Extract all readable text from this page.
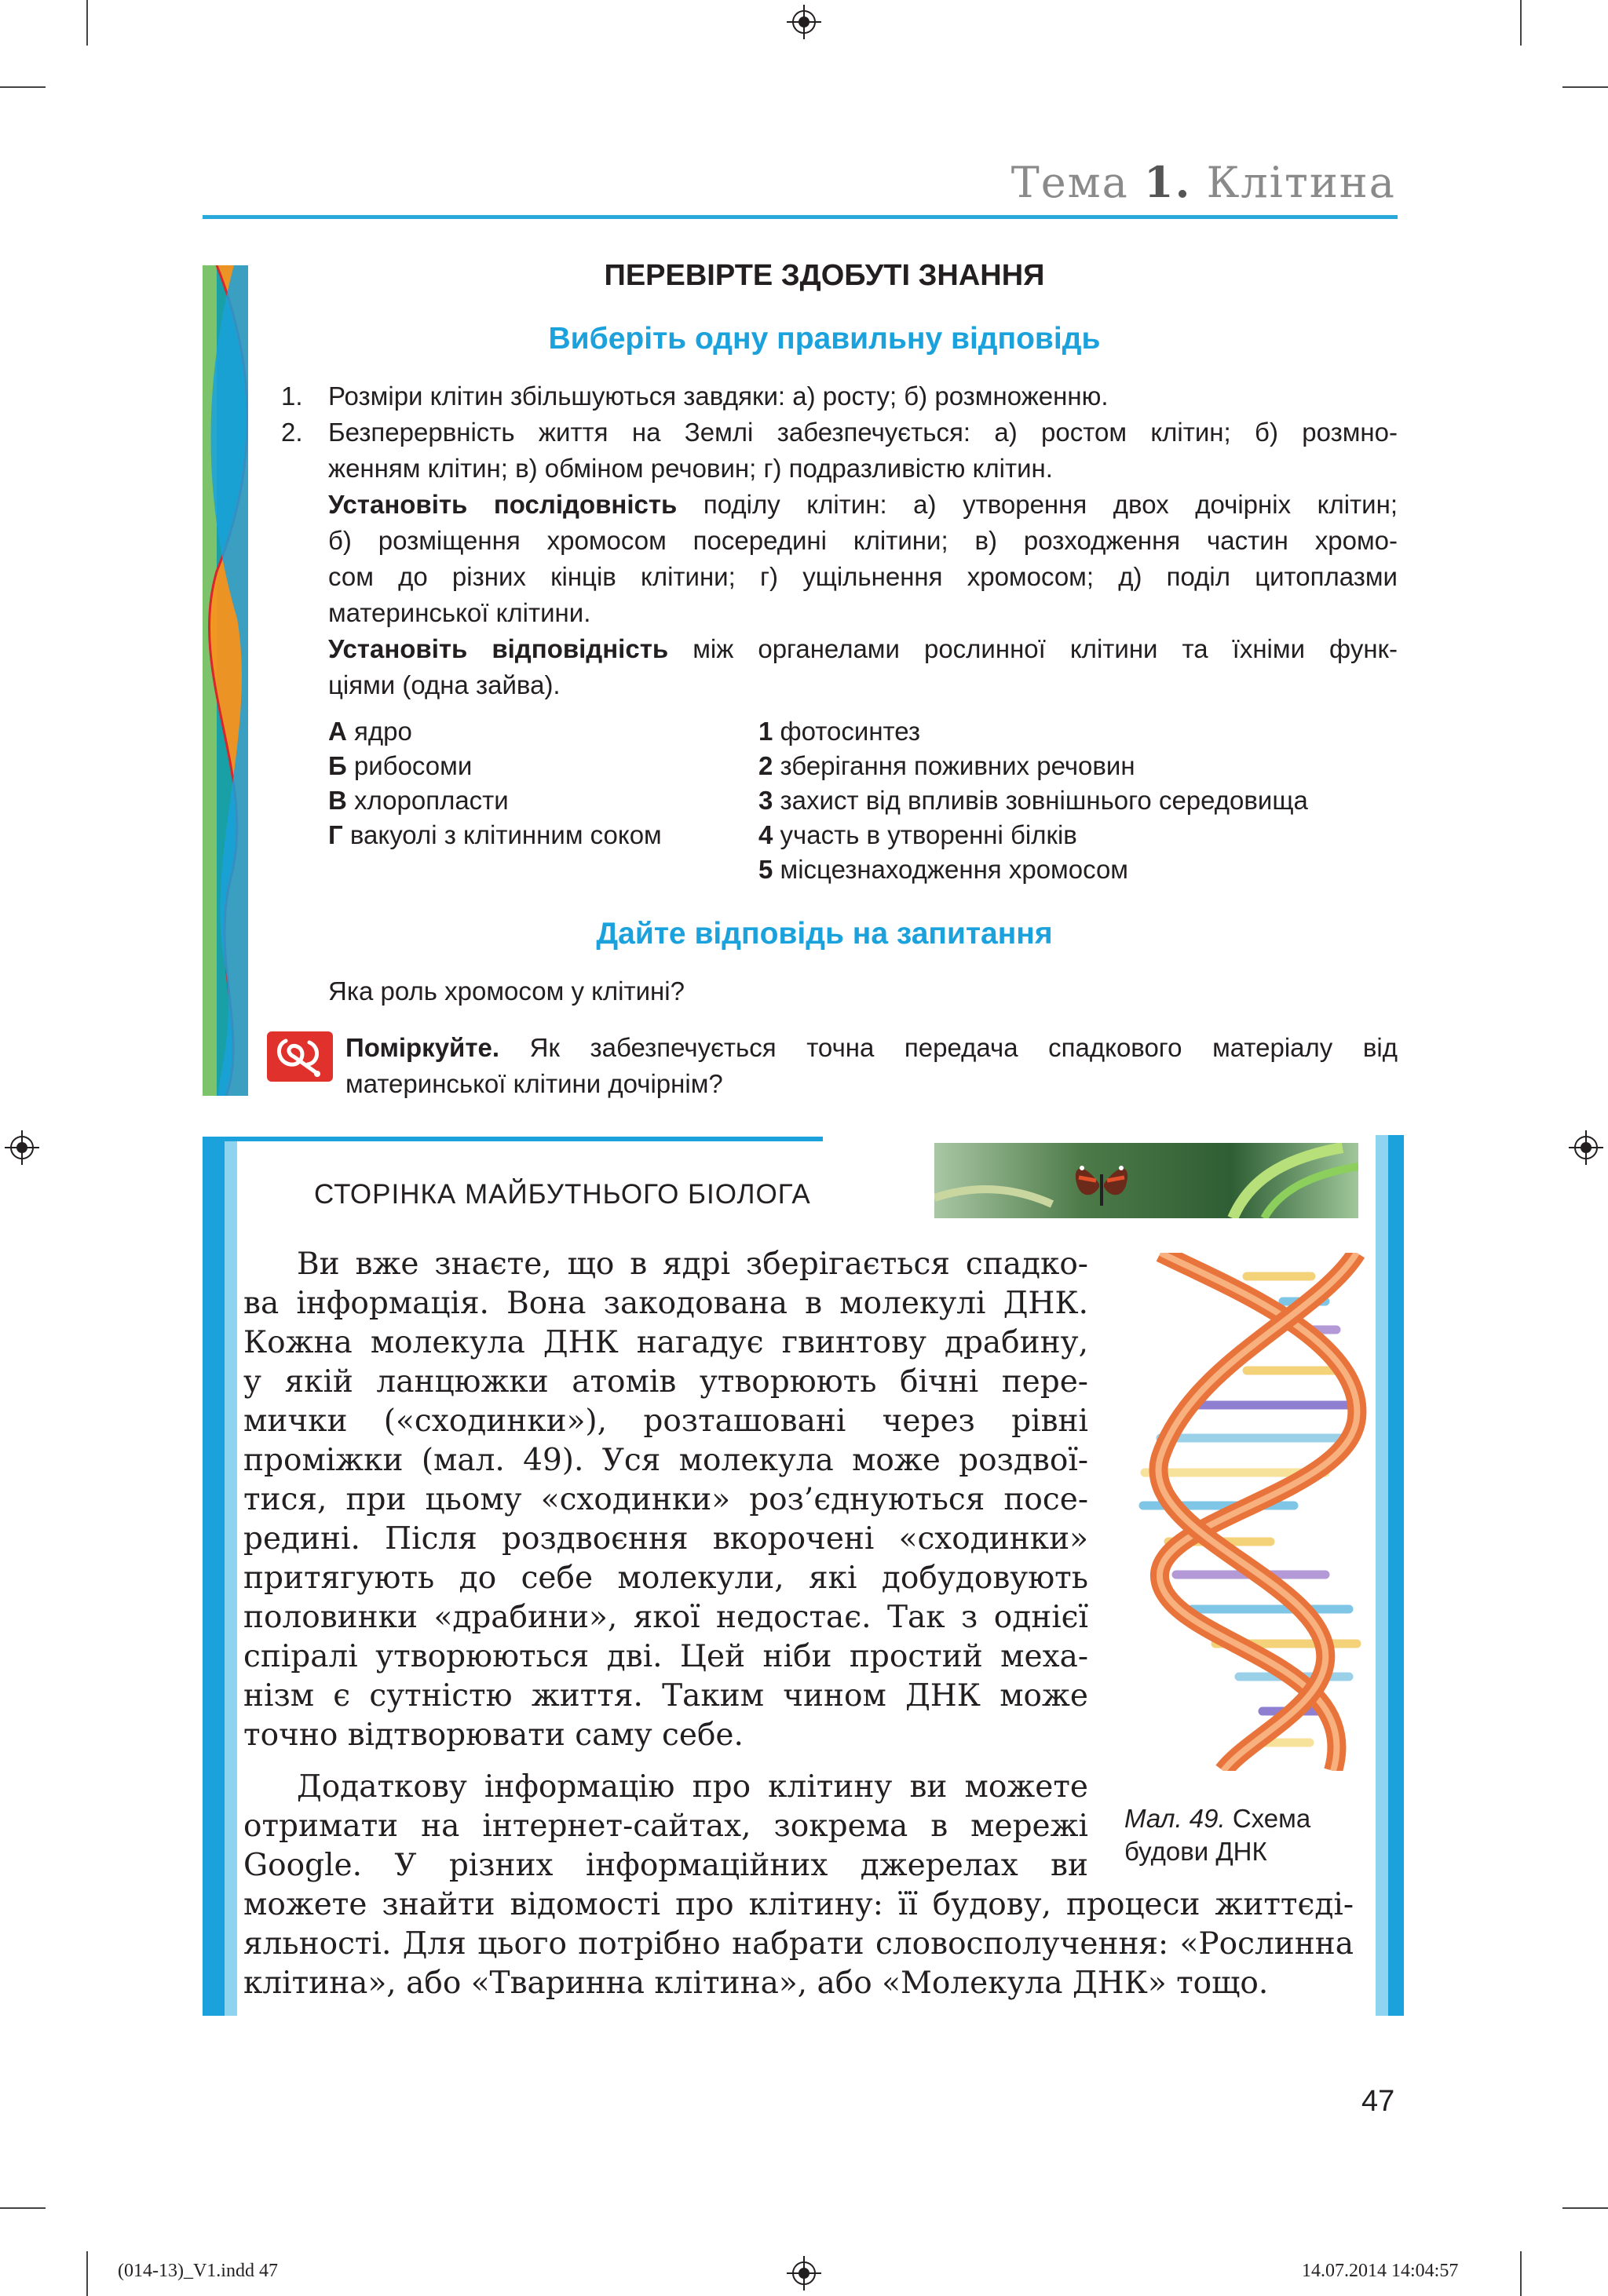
Тема 1. Клітина
ПЕРЕВІРТЕ ЗДОБУТІ ЗНАННЯ
Виберіть одну правильну відповідь
1. Розміри клітин збільшуються завдяки: а) росту; б) розмноженню.
2. Безперервність життя на Землі забезпечується: а) ростом клітин; б) розмно-
женням клітин; в) обміном речовин; г) подразливістю клітин.
Установіть послідовність поділу клітин: а) утворення двох дочірніх клітин;
б) розміщення хромосом посередині клітини; в) розходження частин хромо-
сом до різних кінців клітини; г) ущільнення хромосом; д) поділ цитоплазми
материнської клітини.
Установіть відповідність між органелами рослинної клітини та їхніми функ-
ціями (одна зайва).
А ядро
Б рибосоми
В хлоропласти
Г вакуолі з клітинним соком
1 фотосинтез
2 зберігання поживних речовин
3 захист від впливів зовнішнього середовища
4 участь в утворенні білків
5 місцезнаходження хромосом
Дайте відповідь на запитання
Яка роль хромосом у клітині?
Поміркуйте. Як забезпечується точна передача спадкового матеріалу від
материнської клітини дочірнім?
СТОРІНКА МАЙБУТНЬОГО БІОЛОГА
Ви вже знаєте, що в ядрі зберігається спадко-
ва інформація. Вона закодована в молекулі ДНК.
Кожна молекула ДНК нагадує гвинтову драбину,
у якій ланцюжки атомів утворюють бічні пере-
мички («сходинки»), розташовані через рівні
проміжки (мал. 49). Уся молекула може роздвої-
тися, при цьому «сходинки» роз’єднуються посе-
редині. Після роздвоєння вкорочені «сходинки»
притягують до себе молекули, які добудовують
половинки «драбини», якої недостає. Так з однієї
спіралі утворюються дві. Цей ніби простий меха-
нізм є сутністю життя. Таким чином ДНК може
точно відтворювати саму себе.
Додаткову інформацію про клітину ви можете
отримати на інтернет-сайтах, зокрема в мережі
Google. У різних інформаційних джерелах ви
можете знайти відомості про клітину: її будову, процеси життєді-
яльності. Для цього потрібно набрати словосполучення: «Рослинна
клітина», або «Тваринна клітина», або «Молекула ДНК» тощо.
Мал. 49. Схема
будови ДНК
47
(014-13)_V1.indd 47	14.07.2014 14:04:57
